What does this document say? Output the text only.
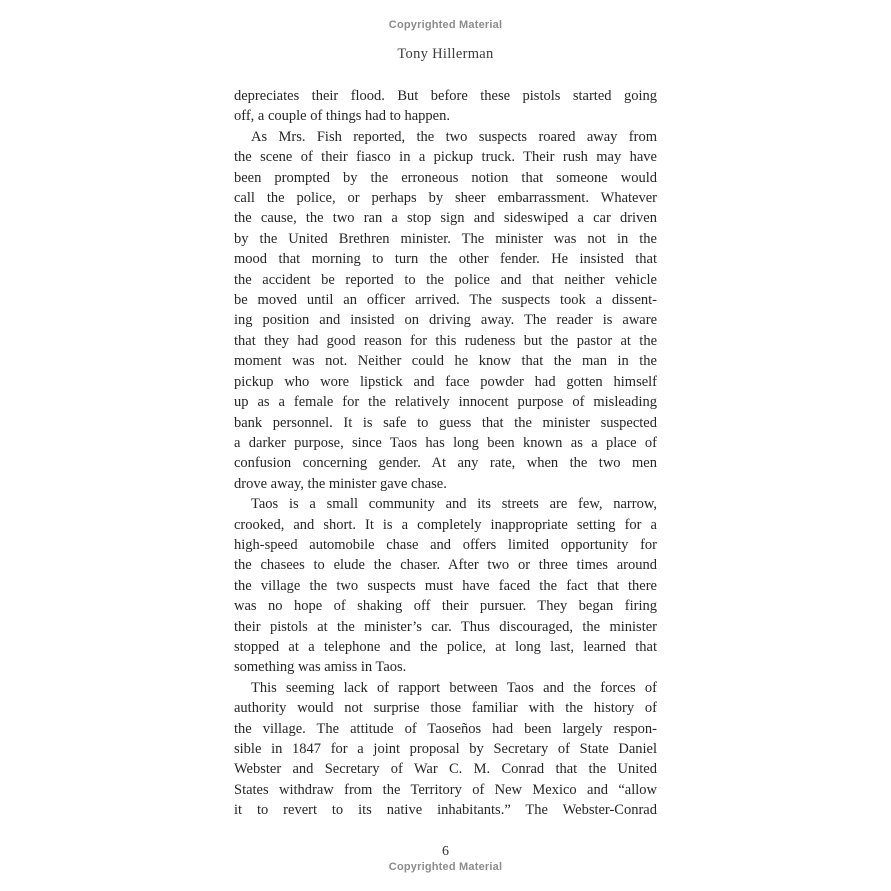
Copyrighted Material
Tony Hillerman
depreciates their flood. But before these pistols started going
off, a couple of things had to happen.
As Mrs. Fish reported, the two suspects roared away from
the scene of their fiasco in a pickup truck. Their rush may have
been prompted by the erroneous notion that someone would
call the police, or perhaps by sheer embarrassment. Whatever
the cause, the two ran a stop sign and sideswiped a car driven
by the United Brethren minister. The minister was not in the
mood that morning to turn the other fender. He insisted that
the accident be reported to the police and that neither vehicle
be moved until an officer arrived. The suspects took a dissent-
ing position and insisted on driving away. The reader is aware
that they had good reason for this rudeness but the pastor at the
moment was not. Neither could he know that the man in the
pickup who wore lipstick and face powder had gotten himself
up as a female for the relatively innocent purpose of misleading
bank personnel. It is safe to guess that the minister suspected
a darker purpose, since Taos has long been known as a place of
confusion concerning gender. At any rate, when the two men
drove away, the minister gave chase.
Taos is a small community and its streets are few, narrow,
crooked, and short. It is a completely inappropriate setting for a
high-speed automobile chase and offers limited opportunity for
the chasees to elude the chaser. After two or three times around
the village the two suspects must have faced the fact that there
was no hope of shaking off their pursuer. They began firing
their pistols at the minister’s car. Thus discouraged, the minister
stopped at a telephone and the police, at long last, learned that
something was amiss in Taos.
This seeming lack of rapport between Taos and the forces of
authority would not surprise those familiar with the history of
the village. The attitude of Taoseños had been largely respon-
sible in 1847 for a joint proposal by Secretary of State Daniel
Webster and Secretary of War C. M. Conrad that the United
States withdraw from the Territory of New Mexico and “allow
it to revert to its native inhabitants.” The Webster-Conrad
6
Copyrighted Material
